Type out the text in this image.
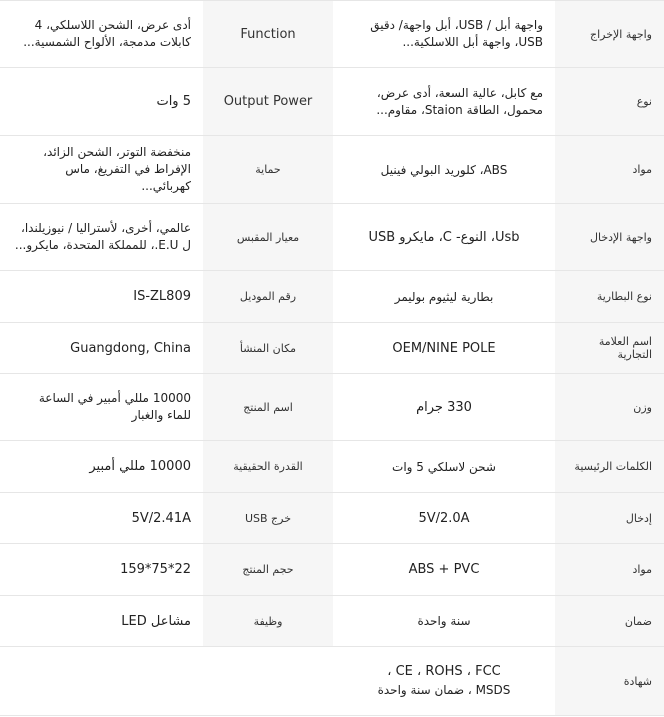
واجهة الإخراج	واجهة أبل / USB، أبل واجهة/ دقيق USB، واجهة أبل اللاسلكية...	Function	أدى عرض، الشحن اللاسلكي، 4 كابلات مدمجة، الألواح الشمسية...

نوع	مع كابل، عالية السعة، أدى عرض، محمول، الطاقة Staion، مقاوم...	Output Power	5 وات
مواد	ABS، كلوريد البولي فينيل	حماية	منخفضة التوتر، الشحن الزائد، الإفراط في التفريغ، ماس كهربائي...

واجهة الإدخال	Usb، النوع- C، مايكرو USB	معيار المقبس	عالمي، أخرى، لأستراليا / نيوزيلندا، ل E.U.، للمملكة المتحدة، مايكرو...

نوع البطارية	بطارية ليثيوم بوليمر	رقم الموديل	IS-ZL809
اسم العلامة التجارية	OEM/NINE POLE	مكان المنشأ	Guangdong, China
وزن	330 جرام	اسم المنتج	10000 مللي أمبير في الساعة للماء والغبار

الكلمات الرئيسية	شحن لاسلكي 5 وات	القدرة الحقيقية	10000 مللي أمبير
إدخال	5V/2.0A	خرج USB	5V/2.41A
مواد	ABS + PVC	حجم المنتج	159*75*22
ضمان	سنة واحدة	وظيفة	مشاعل LED
شهادة	CE ، ROHS ، FCC ،
MSDS ، ضمان سنة واحدة		
